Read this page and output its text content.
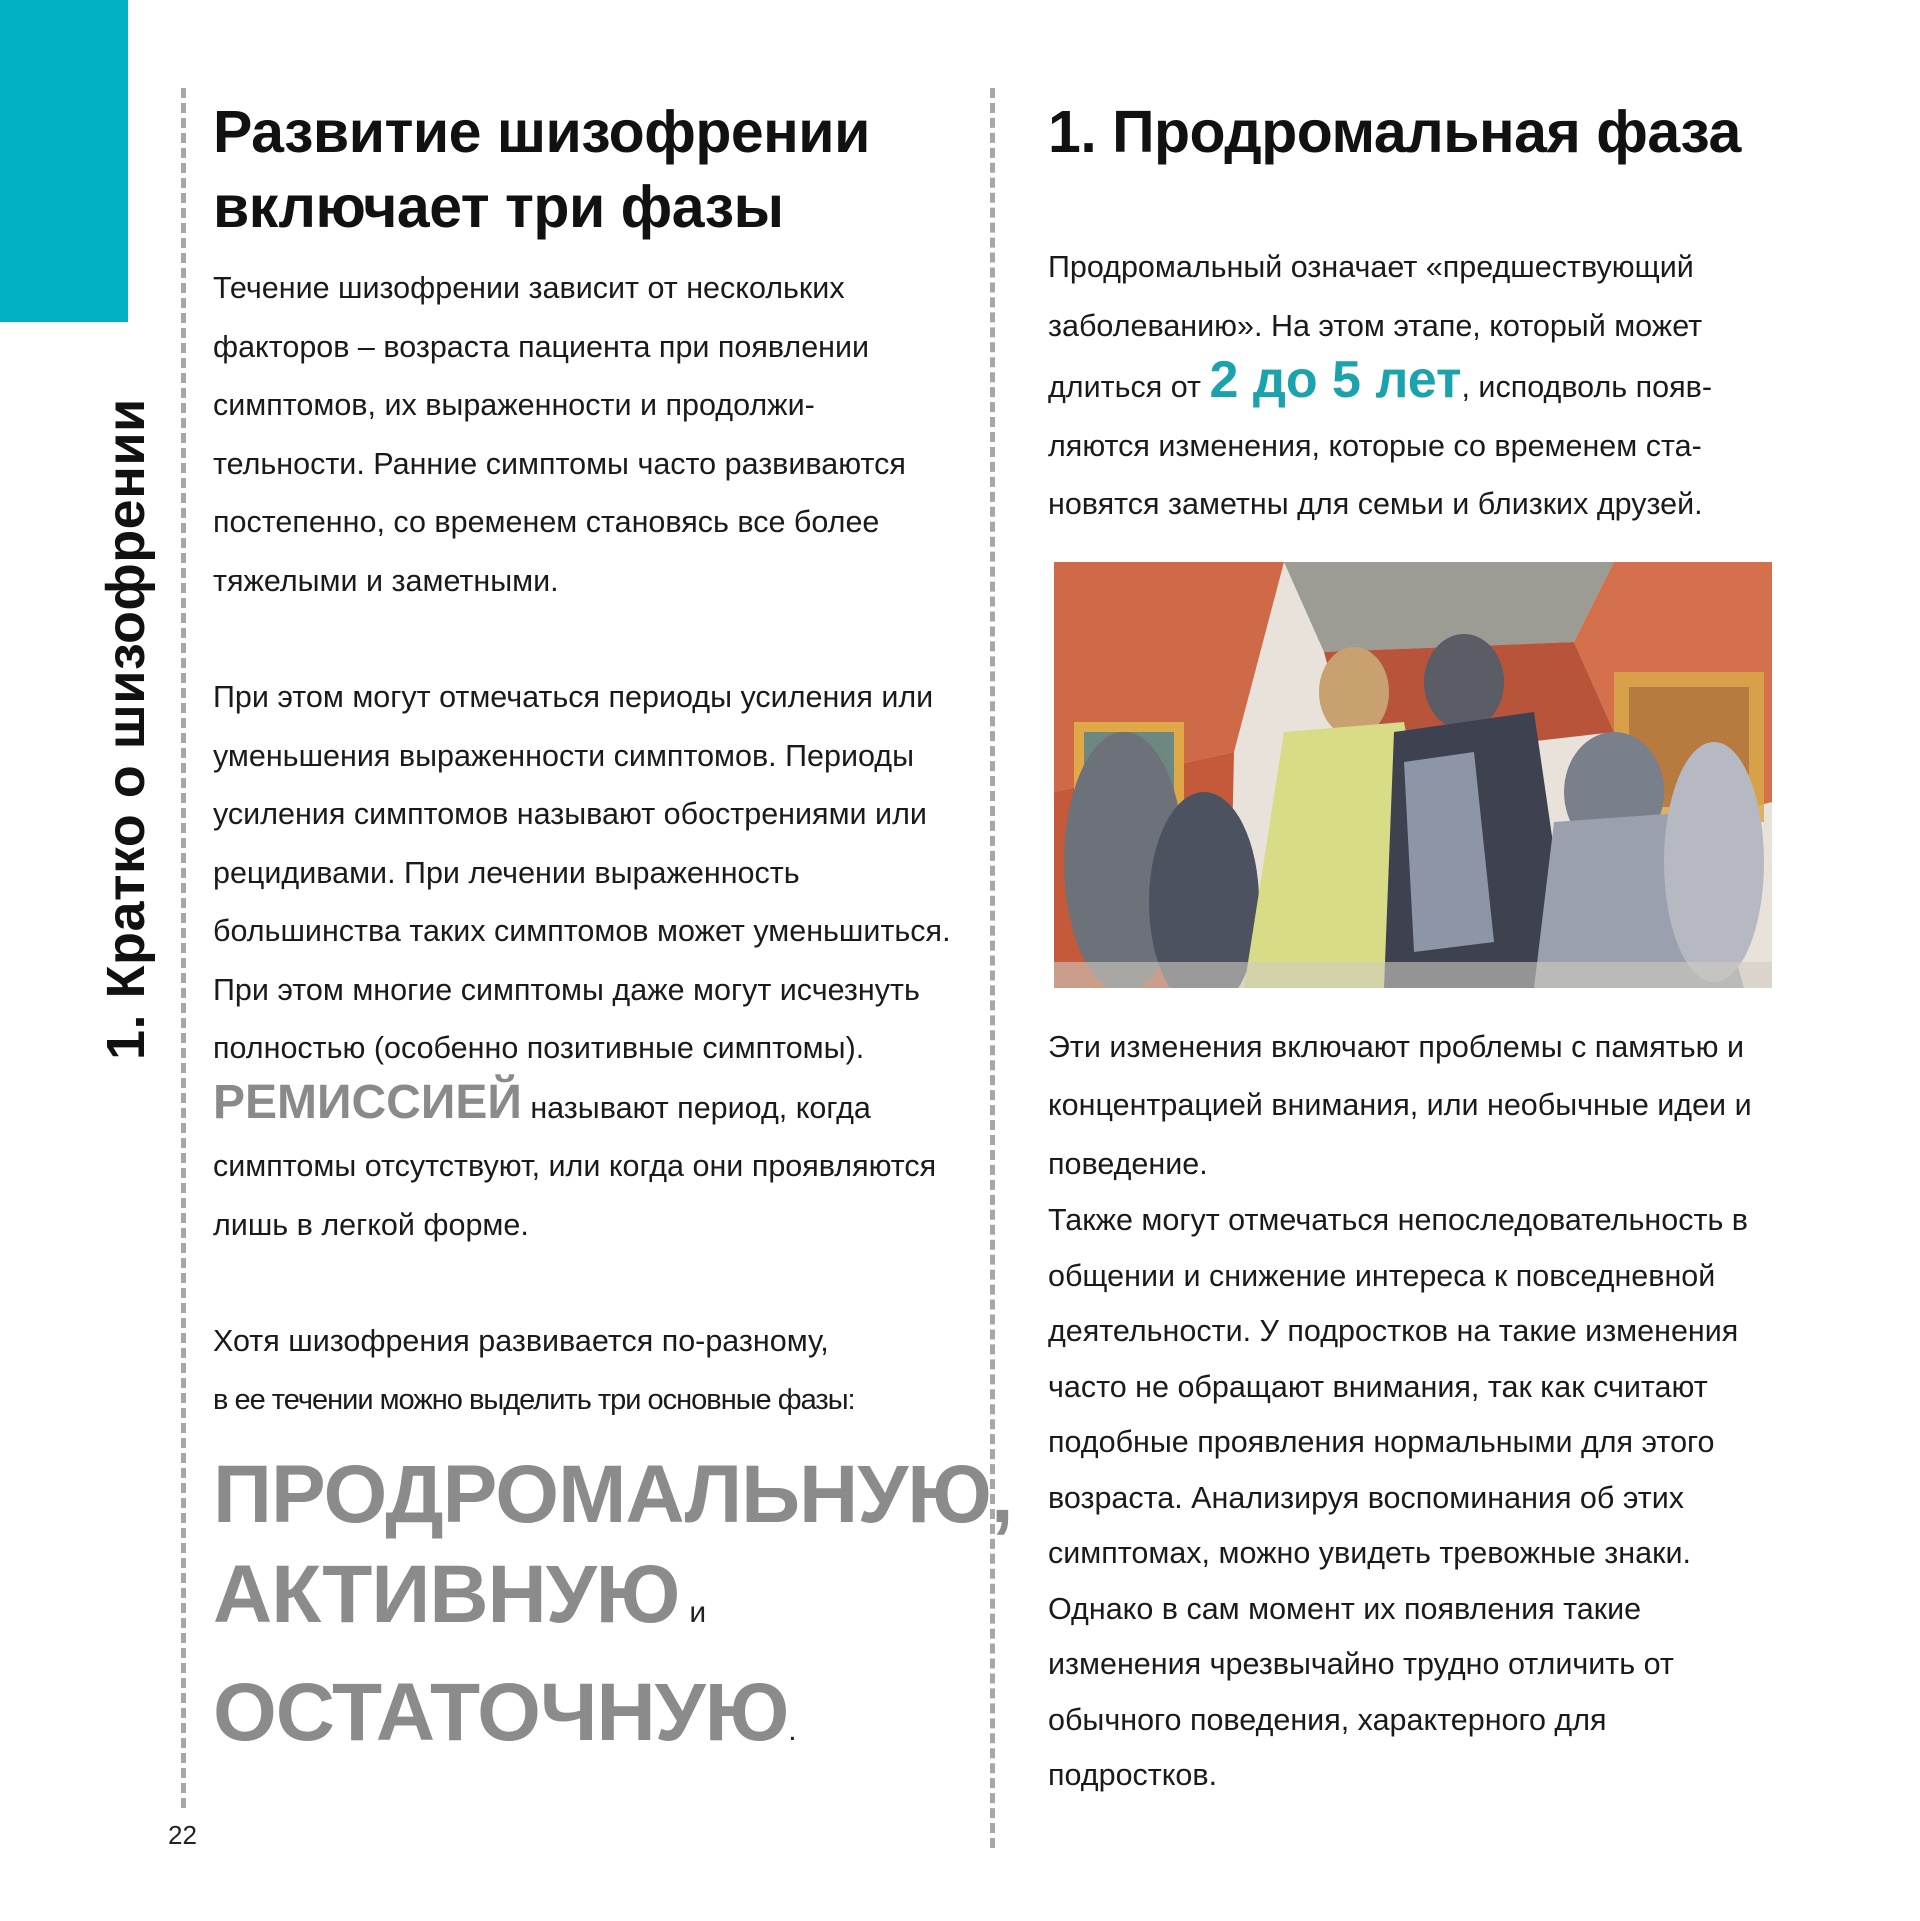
1. Кратко о шизофрении
Развитие шизофрении
включает три фазы

Течение шизофрении зависит от нескольких факторов – возраста пациента при появлении симптомов, их выраженности и продолжительности. Ранние симптомы часто развиваются постепенно, со временем становясь все более тяжелыми и заметными.

При этом могут отмечаться периоды усиления или уменьшения выраженности симптомов. Периоды усиления симптомов называют обострениями или рецидивами. При лечении выраженность большинства таких симптомов может уменьшиться. При этом многие симптомы даже могут исчезнуть полностью (особенно позитивные симптомы). РЕМИССИЕЙ называют период, когда симптомы отсутствуют, или когда они проявляются лишь в легкой форме.

Хотя шизофрения развивается по-разному,

в ее течении можно выделить три основные фазы:

ПРОДРОМАЛЬНУЮ,
АКТИВНУЮ и
ОСТАТОЧНУЮ.
1. Продромальная фаза

Продромальный означает «предшествующий заболеванию». На этом этапе, который может длиться от 2 до 5 лет, исподволь появляются изменения, которые со временем становятся заметны для семьи и близких друзей.

Эти изменения включают проблемы с памятью и концентрацией внимания, или необычные идеи и поведение.

Также могут отмечаться непоследовательность в общении и снижение интереса к повседневной деятельности. У подростков на такие изменения часто не обращают внимания, так как считают подобные проявления нормальными для этого возраста. Анализируя воспоминания об этих симптомах, можно увидеть тревожные знаки. Однако в сам момент их появления такие изменения чрезвычайно трудно отличить от обычного поведения, характерного для подростков.

22
